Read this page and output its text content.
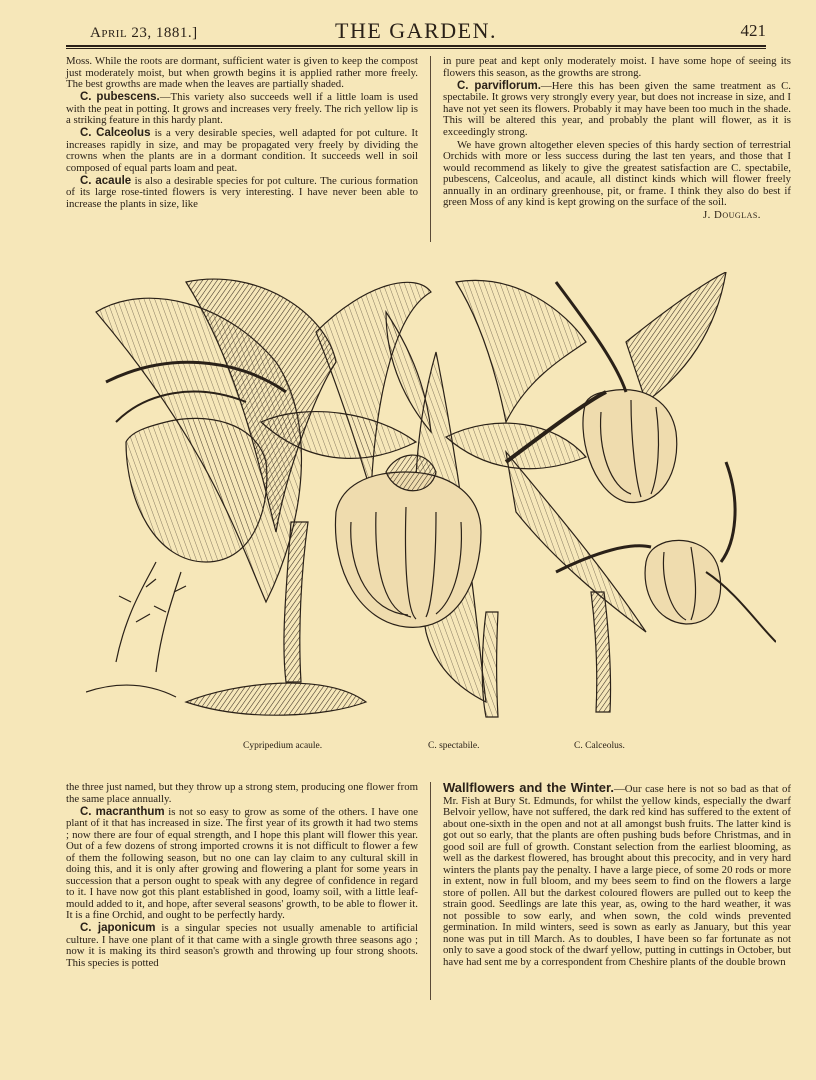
April 23, 1881.]	THE GARDEN.	421

Moss. While the roots are dormant, sufficient water is given to keep the compost just moderately moist, but when growth begins it is applied rather more freely. The best growths are made when the leaves are partially shaded.

C. pubescens.—This variety also succeeds well if a little loam is used with the peat in potting. It grows and increases very freely. The rich yellow lip is a striking feature in this hardy plant.

C. Calceolus is a very desirable species, well adapted for pot culture. It increases rapidly in size, and may be propagated very freely by dividing the crowns when the plants are in a dormant condition. It succeeds well in soil composed of equal parts loam and peat.

C. acaule is also a desirable species for pot culture. The curious formation of its large rose-tinted flowers is very interesting. I have never been able to increase the plants in size, like

in pure peat and kept only moderately moist. I have some hope of seeing its flowers this season, as the growths are strong.

C. parviflorum.—Here this has been given the same treatment as C. spectabile. It grows very strongly every year, but does not increase in size, and I have not yet seen its flowers. Probably it may have been too much in the shade. This will be altered this year, and probably the plant will flower, as it is exceedingly strong.

We have grown altogether eleven species of this hardy section of terrestrial Orchids with more or less success during the last ten years, and those that I would recommend as likely to give the greatest satisfaction are C. spectabile, pubescens, Calceolus, and acaule, all distinct kinds which will flower freely annually in an ordinary greenhouse, pit, or frame. I think they also do best if green Moss of any kind is kept growing on the surface of the soil.

J. Douglas.

Cypripedium acaule.	C. spectabile.	C. Calceolus.

the three just named, but they throw up a strong stem, producing one flower from the same place annually.

C. macranthum is not so easy to grow as some of the others. I have one plant of it that has increased in size. The first year of its growth it had two stems ; now there are four of equal strength, and I hope this plant will flower this year. Out of a few dozens of strong imported crowns it is not difficult to flower a few of them the following season, but no one can lay claim to any cultural skill in doing this, and it is only after growing and flowering a plant for some years in succession that a person ought to speak with any degree of confidence in regard to it. I have now got this plant established in good, loamy soil, with a little leaf-mould added to it, and hope, after several seasons' growth, to be able to flower it. It is a fine Orchid, and ought to be perfectly hardy.

C. japonicum is a singular species not usually amenable to artificial culture. I have one plant of it that came with a single growth three seasons ago ; now it is making its third season's growth and throwing up four strong shoots. This species is potted

Wallflowers and the Winter.—Our case here is not so bad as that of Mr. Fish at Bury St. Edmunds, for whilst the yellow kinds, especially the dwarf Belvoir yellow, have not suffered, the dark red kind has suffered to the extent of about one-sixth in the open and not at all amongst bush fruits. The latter kind is got out so early, that the plants are often pushing buds before Christmas, and in good soil are full of growth. Constant selection from the earliest blooming, as well as the darkest flowered, has brought about this precocity, and in very hard winters the plants pay the penalty. I have a large piece, of some 20 rods or more in extent, now in full bloom, and my bees seem to find on the flowers a large store of pollen. All but the darkest coloured flowers are pulled out to keep the strain good. Seedlings are late this year, as, owing to the hard weather, it was not possible to sow early, and when sown, the cold winds prevented germination. In mild winters, seed is sown as early as January, but this year none was put in till March. As to doubles, I have been so far fortunate as not only to save a good stock of the dwarf yellow, putting in cuttings in October, but have had sent me by a correspondent from Cheshire plants of the double brown
